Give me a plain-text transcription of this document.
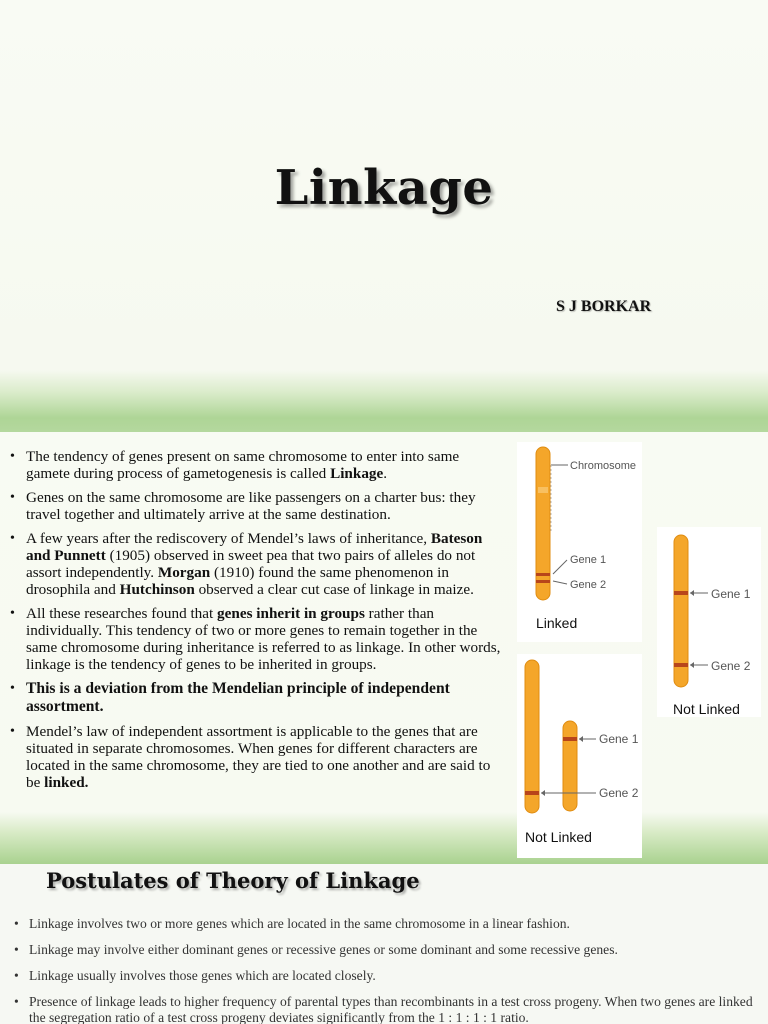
Linkage
S J BORKAR
• The tendency of genes present on same chromosome to enter into same gamete during process of gametogenesis is called Linkage.
• Genes on the same chromosome are like passengers on a charter bus: they travel together and ultimately arrive at the same destination.
• A few years after the rediscovery of Mendel’s laws of inheritance, Bateson and Punnett (1905) observed in sweet pea that two pairs of alleles do not assort independently. Morgan (1910) found the same phenomenon in drosophila and Hutchinson observed a clear cut case of linkage in maize.
• All these researches found that genes inherit in groups rather than individually. This tendency of two or more genes to remain together in the same chromosome during inheritance is referred to as linkage. In other words, linkage is the tendency of genes to be inherited in groups.
• This is a deviation from the Mendelian principle of independent assortment.
• Mendel’s law of independent assortment is applicable to the genes that are situated in separate chromosomes. When genes for different characters are located in the same chromosome, they are tied to one another and are said to be linked.
Chromosome
Gene 1
Gene 2
Linked
Gene 1
Gene 2
Not Linked
Gene 1
Gene 2
Not Linked
Postulates of Theory of Linkage
• Linkage involves two or more genes which are located in the same chromosome in a linear fashion.
• Linkage may involve either dominant genes or recessive genes or some dominant and some recessive genes.
• Linkage usually involves those genes which are located closely.
• Presence of linkage leads to higher frequency of parental types than recombinants in a test cross progeny. When two genes are linked the segregation ratio of a test cross progeny deviates significantly from the 1 : 1 : 1 : 1 ratio.
